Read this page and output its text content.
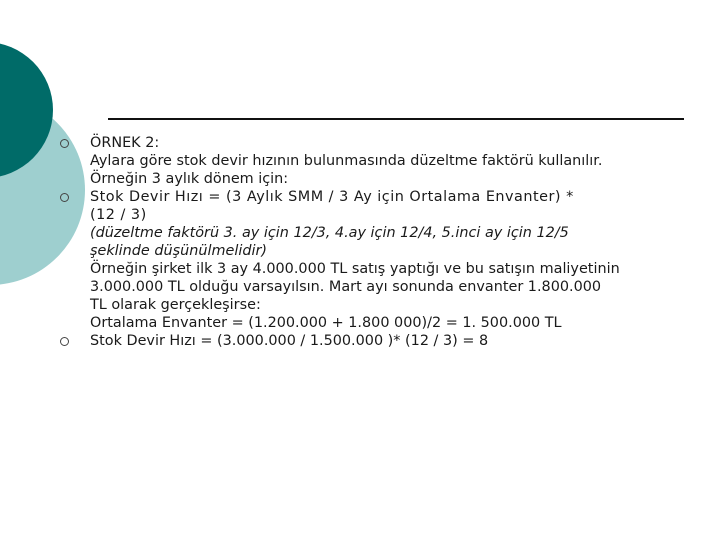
ÖRNEK 2:
Aylara göre stok devir hızının bulunmasında düzeltme faktörü kullanılır.
Örneğin 3 aylık dönem için:
Stok Devir Hızı = (3 Aylık SMM / 3 Ay için Ortalama Envanter) *
(12 / 3)
(düzeltme faktörü 3. ay için 12/3, 4.ay için 12/4, 5.inci ay için 12/5
şeklinde düşünülmelidir)
Örneğin şirket ilk 3 ay 4.000.000 TL satış yaptığı ve bu satışın maliyetinin
3.000.000 TL olduğu varsayılsın. Mart ayı sonunda envanter 1.800.000
TL olarak gerçekleşirse:
Ortalama Envanter = (1.200.000 + 1.800 000)/2 = 1. 500.000 TL
Stok Devir Hızı = (3.000.000 / 1.500.000 )* (12 / 3) = 8
